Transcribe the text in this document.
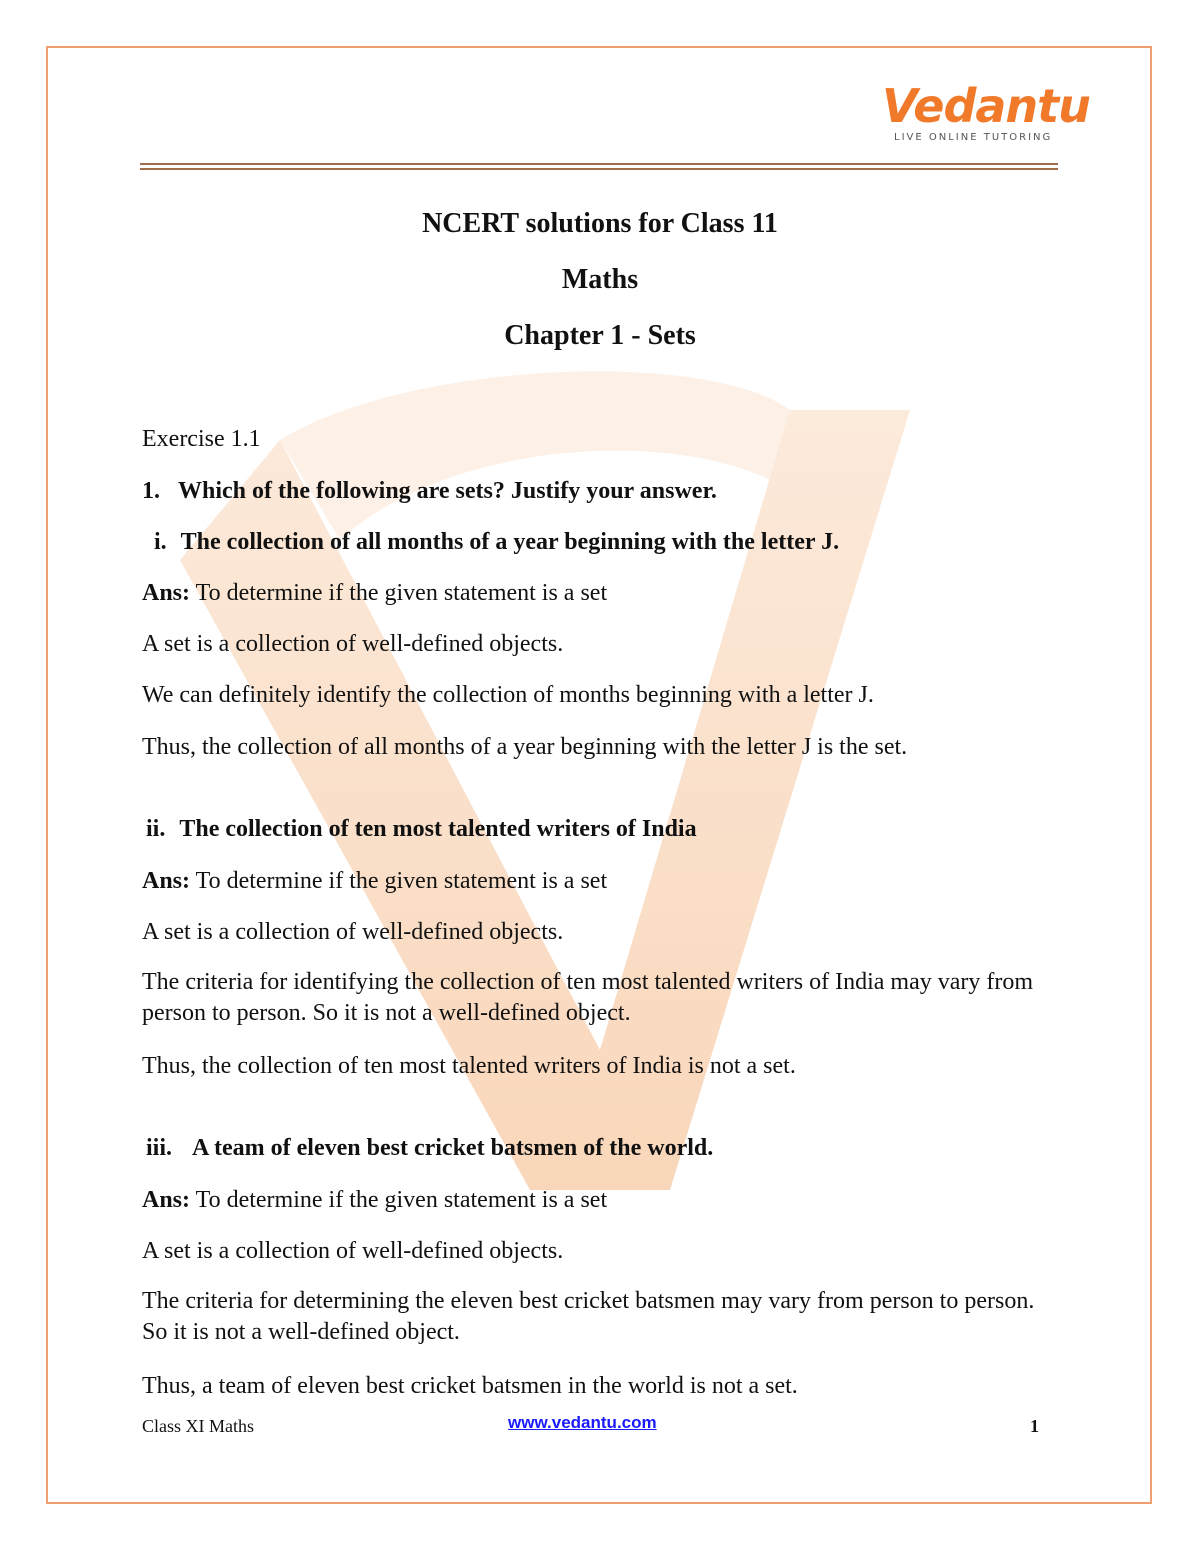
Vedantu
LIVE ONLINE TUTORING
NCERT solutions for Class 11
Maths
Chapter 1 - Sets
Exercise 1.1
1. Which of the following are sets? Justify your answer.
i. The collection of all months of a year beginning with the letter J.
Ans: To determine if the given statement is a set
A set is a collection of well-defined objects.
We can definitely identify the collection of months beginning with a letter J.
Thus, the collection of all months of a year beginning with the letter J is the set.
ii. The collection of ten most talented writers of India
Ans: To determine if the given statement is a set
A set is a collection of well-defined objects.
The criteria for identifying the collection of ten most talented writers of India may vary from person to person. So it is not a well-defined object.
Thus, the collection of ten most talented writers of India is not a set.
iii. A team of eleven best cricket batsmen of the world.
Ans: To determine if the given statement is a set
A set is a collection of well-defined objects.
The criteria for determining the eleven best cricket batsmen may vary from person to person. So it is not a well-defined object.
Thus, a team of eleven best cricket batsmen in the world is not a set.
Class XI Maths	www.vedantu.com	1
